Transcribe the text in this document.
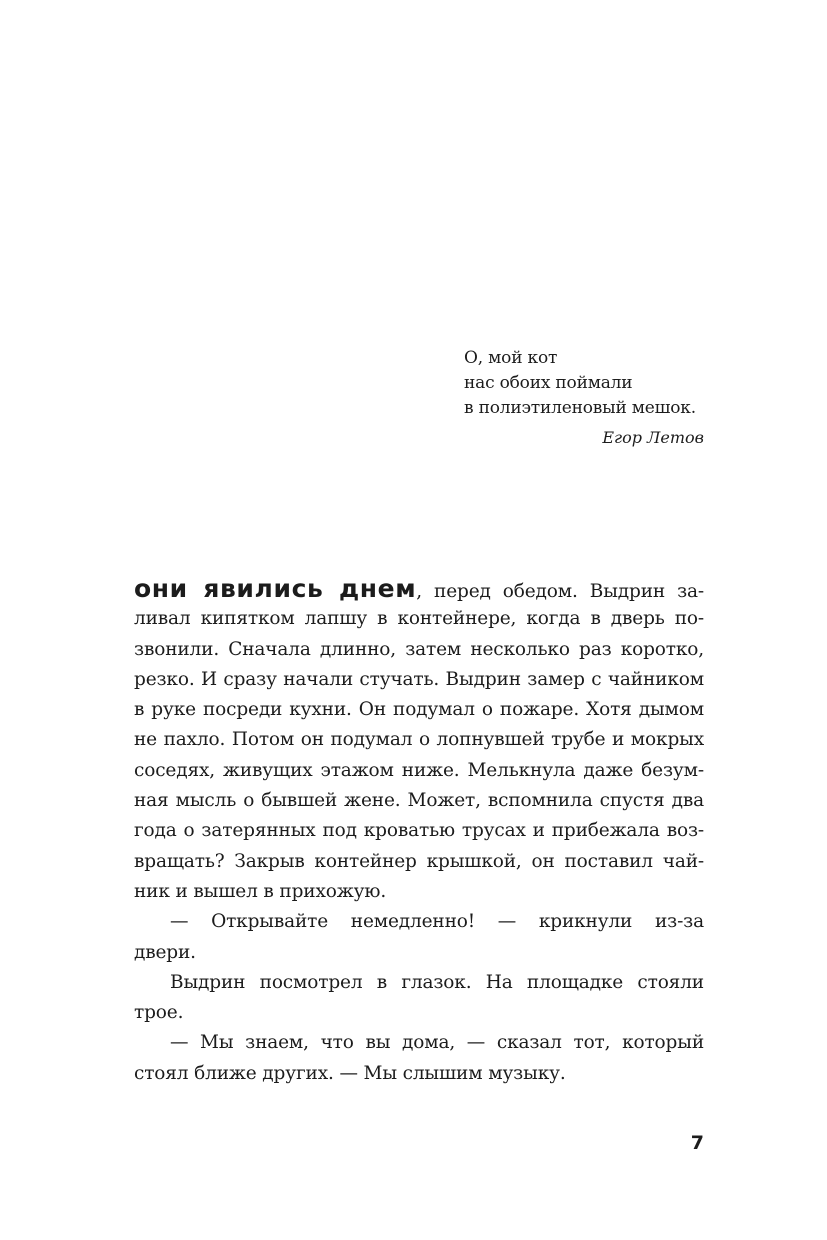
О, мой кот
нас обоих поймали
в полиэтиленовый мешок.
Егор Летов
они явились днем, перед обедом. Выдрин за-
ливал кипятком лапшу в контейнере, когда в дверь по-
звонили. Сначала длинно, затем несколько раз коротко,
резко. И сразу начали стучать. Выдрин замер с чайником
в руке посреди кухни. Он подумал о пожаре. Хотя дымом
не пахло. Потом он подумал о лопнувшей трубе и мокрых
соседях, живущих этажом ниже. Мелькнула даже безум-
ная мысль о бывшей жене. Может, вспомнила спустя два
года о затерянных под кроватью трусах и прибежала воз-
вращать? Закрыв контейнер крышкой, он поставил чай-
ник и вышел в прихожую.
— Открывайте немедленно! — крикнули из-за
двери.
Выдрин посмотрел в глазок. На площадке стояли
трое.
— Мы знаем, что вы дома, — сказал тот, который
стоял ближе других. — Мы слышим музыку.
7
